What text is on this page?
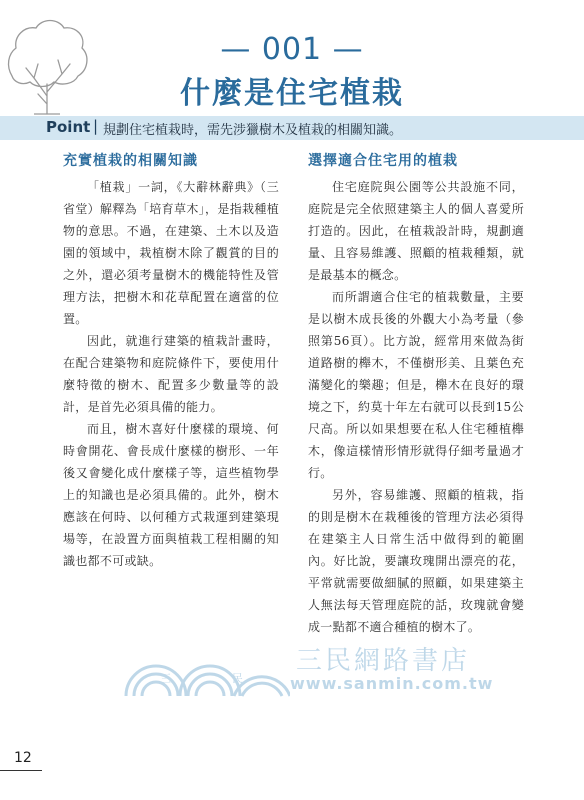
— 001 —
什麼是住宅植栽
Point | 規劃住宅植栽時，需先涉獵樹木及植栽的相關知識。
充實植栽的相關知識

「植栽」一詞，《大辭林辭典》（三省堂）解釋為「培育草木」，是指栽種植物的意思。不過，在建築、土木以及造園的領域中，栽植樹木除了觀賞的目的之外，還必須考量樹木的機能特性及管理方法，把樹木和花草配置在適當的位置。

因此，就進行建築的植栽計畫時，在配合建築物和庭院條件下，要使用什麼特徵的樹木、配置多少數量等的設計，是首先必須具備的能力。

而且，樹木喜好什麼樣的環境、何時會開花、會長成什麼樣的樹形、一年後又會變化成什麼樣子等，這些植物學上的知識也是必須具備的。此外，樹木應該在何時、以何種方式栽運到建築現場等，在設置方面與植栽工程相關的知識也都不可或缺。

選擇適合住宅用的植栽

住宅庭院與公園等公共設施不同，庭院是完全依照建築主人的個人喜愛所打造的。因此，在植栽設計時，規劃適量、且容易維護、照顧的植栽種類，就是最基本的概念。

而所謂適合住宅的植栽數量，主要是以樹木成長後的外觀大小為考量（參照第56頁）。比方說，經常用來做為街道路樹的櫸木，不僅樹形美、且葉色充滿變化的樂趣；但是，櫸木在良好的環境之下，約莫十年左右就可以長到15公尺高。所以如果想要在私人住宅種植櫸木，像這樣情形情形就得仔細考量過才行。

另外，容易維護、照顧的植栽，指的則是樹木在栽種後的管理方法必須得在建築主人日常生活中做得到的範圍內。好比說，要讓玫瑰開出漂亮的花，平常就需要做細膩的照顧，如果建築主人無法每天管理庭院的話，玫瑰就會變成一點都不適合種植的樹木了。

三	民
三民網路書店
www.sanmin.com.tw
12
